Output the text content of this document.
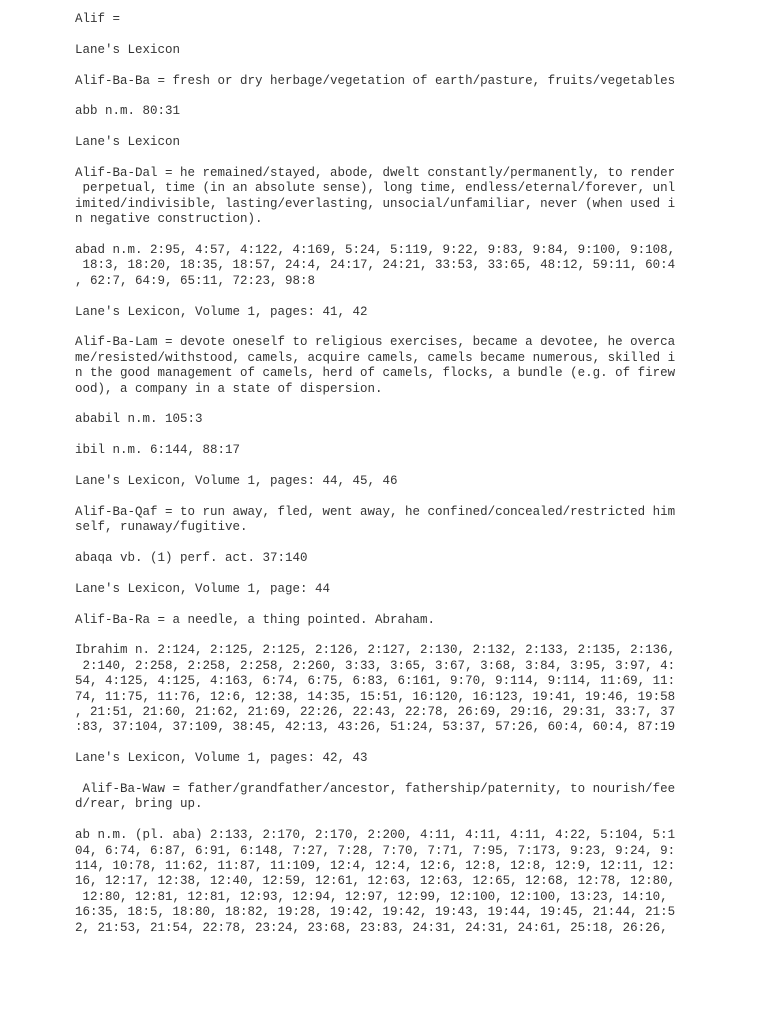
Alif =
Lane's Lexicon
Alif-Ba-Ba = fresh or dry herbage/vegetation of earth/pasture, fruits/vegetables
abb n.m. 80:31
Lane's Lexicon
Alif-Ba-Dal = he remained/stayed, abode, dwelt constantly/permanently, to render
perpetual, time (in an absolute sense), long time, endless/eternal/forever, unl
imited/indivisible, lasting/everlasting, unsocial/unfamiliar, never (when used i
n negative construction).
abad n.m. 2:95, 4:57, 4:122, 4:169, 5:24, 5:119, 9:22, 9:83, 9:84, 9:100, 9:108,
18:3, 18:20, 18:35, 18:57, 24:4, 24:17, 24:21, 33:53, 33:65, 48:12, 59:11, 60:4
, 62:7, 64:9, 65:11, 72:23, 98:8
Lane's Lexicon, Volume 1, pages: 41, 42
Alif-Ba-Lam = devote oneself to religious exercises, became a devotee, he overca
me/resisted/withstood, camels, acquire camels, camels became numerous, skilled i
n the good management of camels, herd of camels, flocks, a bundle (e.g. of firew
ood), a company in a state of dispersion.
ababil n.m. 105:3
ibil n.m. 6:144, 88:17
Lane's Lexicon, Volume 1, pages: 44, 45, 46
Alif-Ba-Qaf = to run away, fled, went away, he confined/concealed/restricted him
self, runaway/fugitive.
abaqa vb. (1) perf. act. 37:140
Lane's Lexicon, Volume 1, page: 44
Alif-Ba-Ra = a needle, a thing pointed. Abraham.
Ibrahim n. 2:124, 2:125, 2:125, 2:126, 2:127, 2:130, 2:132, 2:133, 2:135, 2:136,
2:140, 2:258, 2:258, 2:258, 2:260, 3:33, 3:65, 3:67, 3:68, 3:84, 3:95, 3:97, 4:
54, 4:125, 4:125, 4:163, 6:74, 6:75, 6:83, 6:161, 9:70, 9:114, 9:114, 11:69, 11:
74, 11:75, 11:76, 12:6, 12:38, 14:35, 15:51, 16:120, 16:123, 19:41, 19:46, 19:58
, 21:51, 21:60, 21:62, 21:69, 22:26, 22:43, 22:78, 26:69, 29:16, 29:31, 33:7, 37
:83, 37:104, 37:109, 38:45, 42:13, 43:26, 51:24, 53:37, 57:26, 60:4, 60:4, 87:19
Lane's Lexicon, Volume 1, pages: 42, 43
Alif-Ba-Waw = father/grandfather/ancestor, fathership/paternity, to nourish/fee
d/rear, bring up.
ab n.m. (pl. aba) 2:133, 2:170, 2:170, 2:200, 4:11, 4:11, 4:11, 4:22, 5:104, 5:1
04, 6:74, 6:87, 6:91, 6:148, 7:27, 7:28, 7:70, 7:71, 7:95, 7:173, 9:23, 9:24, 9:
114, 10:78, 11:62, 11:87, 11:109, 12:4, 12:4, 12:6, 12:8, 12:8, 12:9, 12:11, 12:
16, 12:17, 12:38, 12:40, 12:59, 12:61, 12:63, 12:63, 12:65, 12:68, 12:78, 12:80,
12:80, 12:81, 12:81, 12:93, 12:94, 12:97, 12:99, 12:100, 12:100, 13:23, 14:10,
16:35, 18:5, 18:80, 18:82, 19:28, 19:42, 19:42, 19:43, 19:44, 19:45, 21:44, 21:5
2, 21:53, 21:54, 22:78, 23:24, 23:68, 23:83, 24:31, 24:31, 24:61, 25:18, 26:26,
